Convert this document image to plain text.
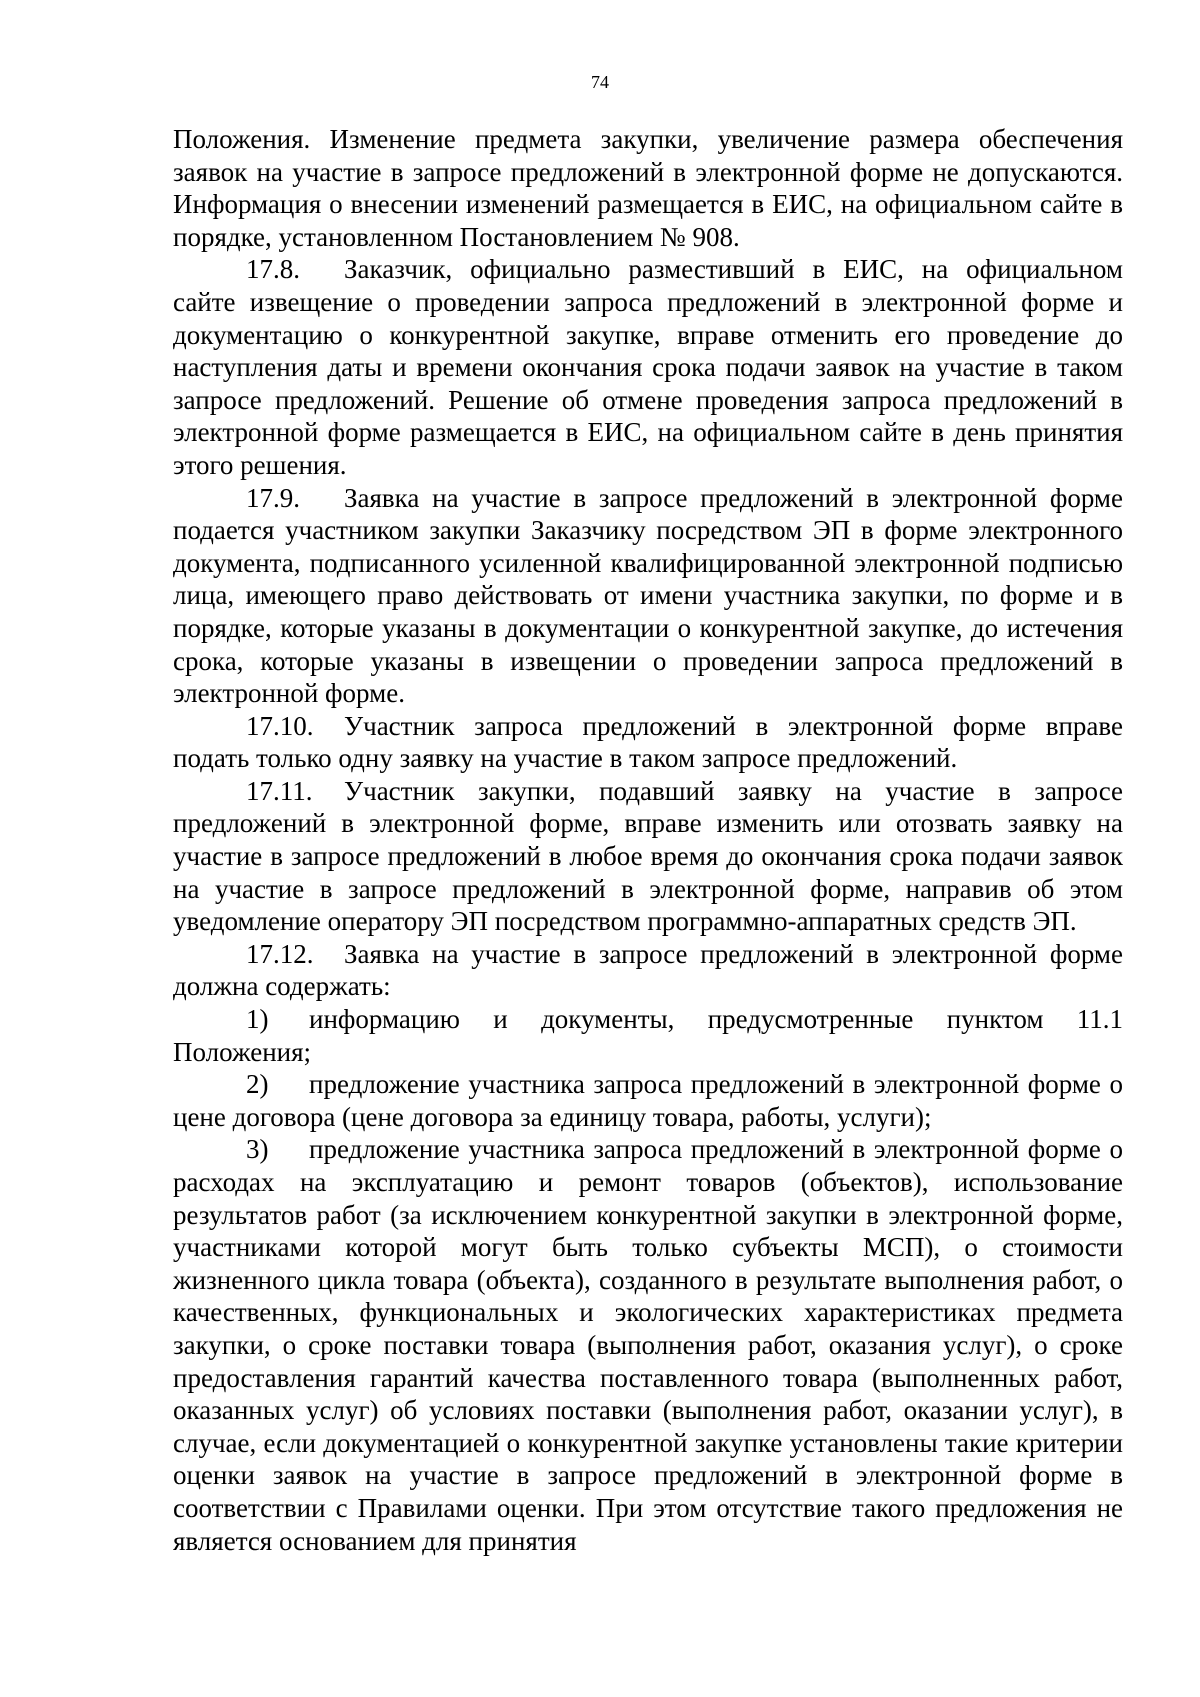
74

Положения. Изменение предмета закупки, увеличение размера обеспечения заявок на участие в запросе предложений в электронной форме не допускаются. Информация о внесении изменений размещается в ЕИС, на официальном сайте в порядке, установленном Постановлением № 908.

17.8. Заказчик, официально разместивший в ЕИС, на официальном сайте извещение о проведении запроса предложений в электронной форме и документацию о конкурентной закупке, вправе отменить его проведение до наступления даты и времени окончания срока подачи заявок на участие в таком запросе предложений. Решение об отмене проведения запроса предложений в электронной форме размещается в ЕИС, на официальном сайте в день принятия этого решения.

17.9. Заявка на участие в запросе предложений в электронной форме подается участником закупки Заказчику посредством ЭП в форме электронного документа, подписанного усиленной квалифицированной электронной подписью лица, имеющего право действовать от имени участника закупки, по форме и в порядке, которые указаны в документации о конкурентной закупке, до истечения срока, которые указаны в извещении о проведении запроса предложений в электронной форме.

17.10. Участник запроса предложений в электронной форме вправе подать только одну заявку на участие в таком запросе предложений.

17.11. Участник закупки, подавший заявку на участие в запросе предложений в электронной форме, вправе изменить или отозвать заявку на участие в запросе предложений в любое время до окончания срока подачи заявок на участие в запросе предложений в электронной форме, направив об этом уведомление оператору ЭП посредством программно-аппаратных средств ЭП.

17.12. Заявка на участие в запросе предложений в электронной форме должна содержать:

1) информацию и документы, предусмотренные пунктом 11.1 Положения;

2) предложение участника запроса предложений в электронной форме о цене договора (цене договора за единицу товара, работы, услуги);

3) предложение участника запроса предложений в электронной форме о расходах на эксплуатацию и ремонт товаров (объектов), использование результатов работ (за исключением конкурентной закупки в электронной форме, участниками которой могут быть только субъекты МСП), о стоимости жизненного цикла товара (объекта), созданного в результате выполнения работ, о качественных, функциональных и экологических характеристиках предмета закупки, о сроке поставки товара (выполнения работ, оказания услуг), о сроке предоставления гарантий качества поставленного товара (выполненных работ, оказанных услуг) об условиях поставки (выполнения работ, оказании услуг), в случае, если документацией о конкурентной закупке установлены такие критерии оценки заявок на участие в запросе предложений в электронной форме в соответствии с Правилами оценки. При этом отсутствие такого предложения не является основанием для принятия
